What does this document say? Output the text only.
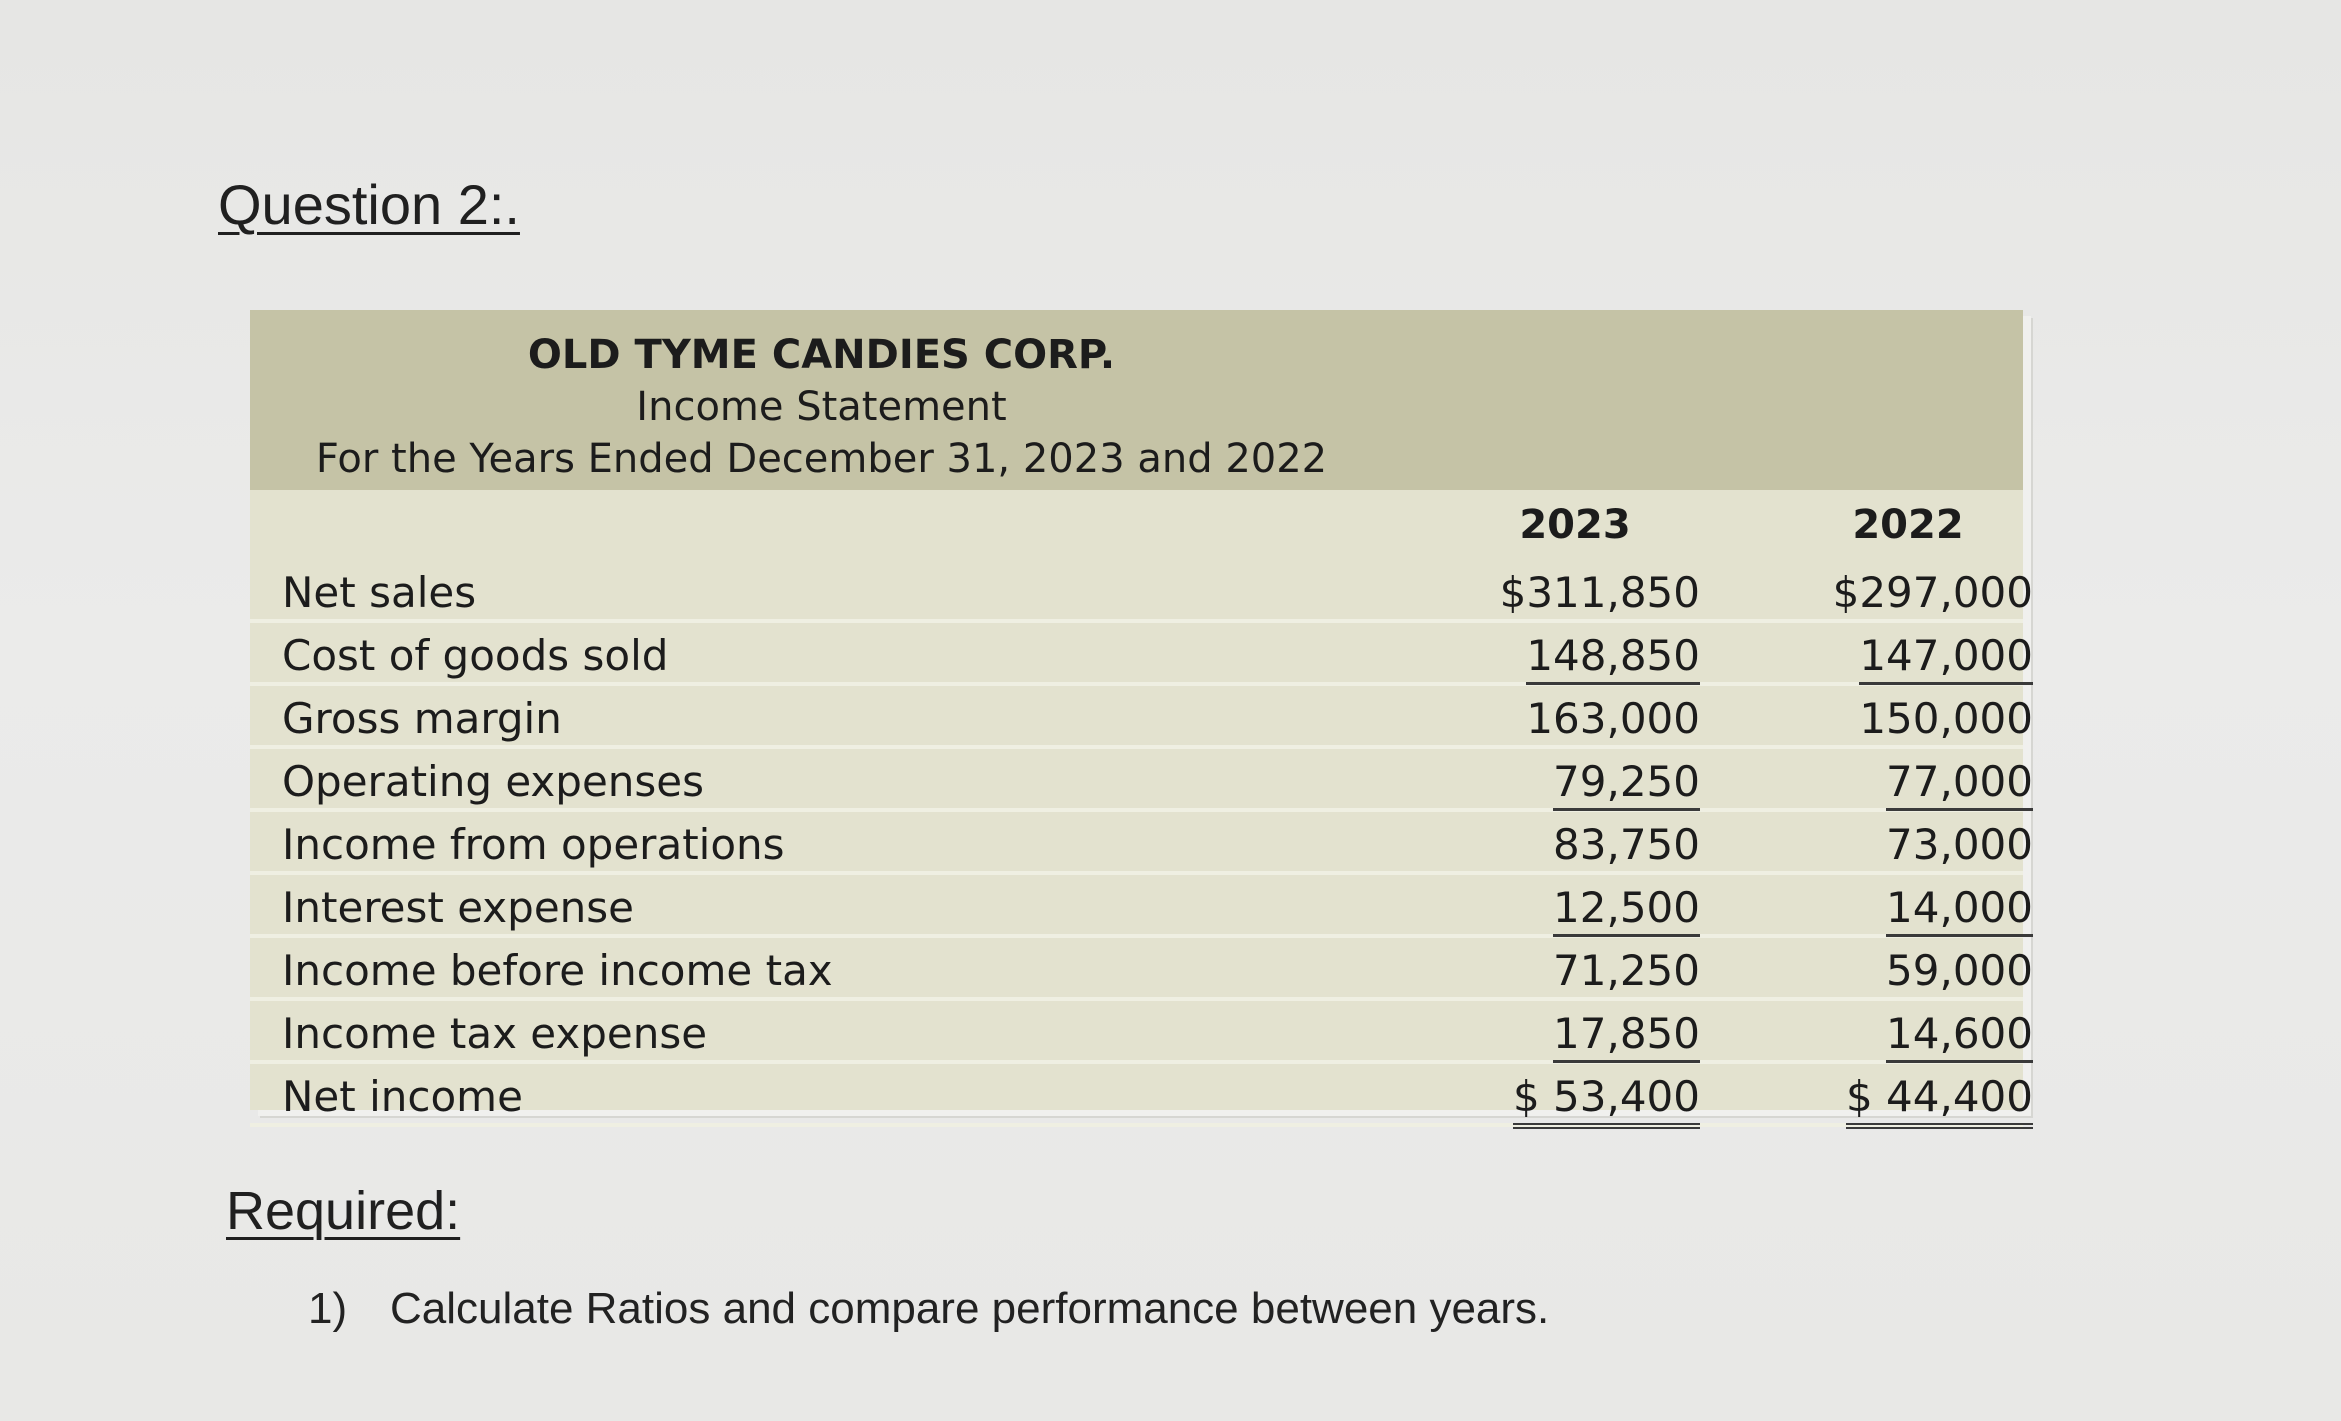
Question 2:.
OLD TYME CANDIES CORP.
Income Statement
For the Years Ended December 31, 2023 and 2022
2023	2022
Net sales	$311,850	$297,000
Cost of goods sold	148,850	147,000
Gross margin	163,000	150,000
Operating expenses	79,250	77,000
Income from operations	83,750	73,000
Interest expense	12,500	14,000
Income before income tax	71,250	59,000
Income tax expense	17,850	14,600
Net income	$ 53,400	$ 44,400
Required:
1) Calculate Ratios and compare performance between years.
